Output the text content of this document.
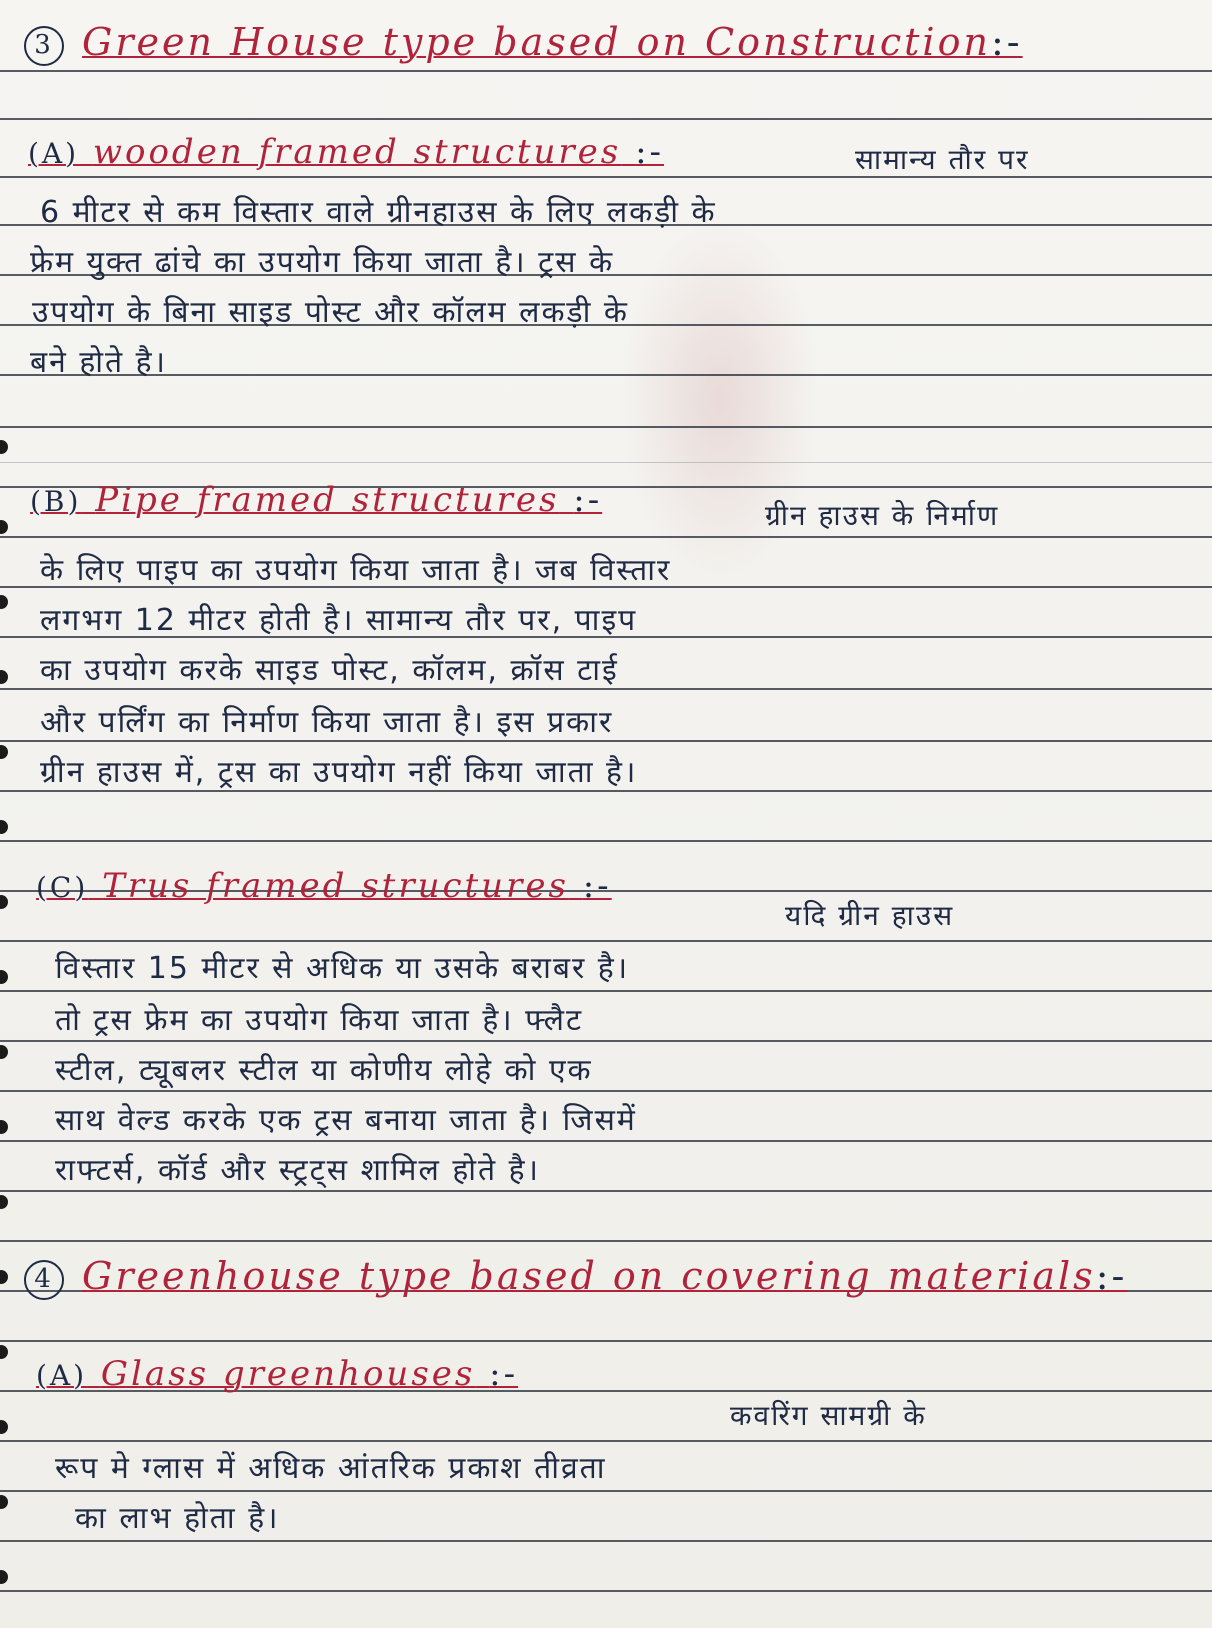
3 Green House type based on Construction:-
(A) wooden framed structures :-	सामान्य तौर पर
6 मीटर से कम विस्तार वाले ग्रीनहाउस के लिए लकड़ी के
फ्रेम युक्त ढांचे का उपयोग किया जाता है। ट्रस के
उपयोग के बिना साइड पोस्ट और कॉलम लकड़ी के
बने होते है।
(B) Pipe framed structures :-	ग्रीन हाउस के निर्माण
के लिए पाइप का उपयोग किया जाता है। जब विस्तार
लगभग 12 मीटर होती है। सामान्य तौर पर, पाइप
का उपयोग करके साइड पोस्ट, कॉलम, क्रॉस टाई
और पर्लिंग का निर्माण किया जाता है। इस प्रकार
ग्रीन हाउस में, ट्रस का उपयोग नहीं किया जाता है।
(C) Trus framed structures :-
यदि ग्रीन हाउस
विस्तार 15 मीटर से अधिक या उसके बराबर है।
तो ट्रस फ्रेम का उपयोग किया जाता है। फ्लैट
स्टील, ट्यूबलर स्टील या कोणीय लोहे को एक
साथ वेल्ड करके एक ट्रस बनाया जाता है। जिसमें
राफ्टर्स, कॉर्ड और स्ट्रट्स शामिल होते है।
4 Greenhouse type based on covering materials:-
(A) Glass greenhouses :-
कवरिंग सामग्री के
रूप मे ग्लास में अधिक आंतरिक प्रकाश तीव्रता
का लाभ होता है।
